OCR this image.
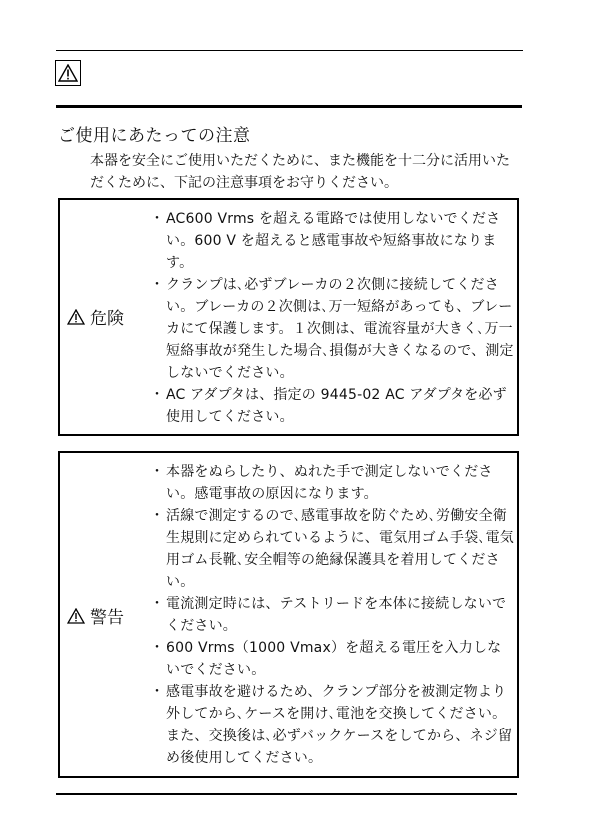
ご使用にあたっての注意

本器を安全にご使用いただくために、また機能を十二分に活用いただくために、下記の注意事項をお守りください。

危険
・ AC600 Vrms を超える電路では使用しないでください。600 V を超えると感電事故や短絡事故になります。
・ クランプは､必ずブレーカの２次側に接続してください。ブレーカの２次側は､万一短絡があっても、ブレーカにて保護します。１次側は、電流容量が大きく､万一短絡事故が発生した場合､損傷が大きくなるので、測定しないでください。
・ AC アダプタは、指定の 9445-02 AC アダプタを必ず使用してください。
警告
・ 本器をぬらしたり、ぬれた手で測定しないでください。感電事故の原因になります。
・ 活線で測定するので､感電事故を防ぐため､労働安全衛生規則に定められているように、電気用ゴム手袋､電気用ゴム長靴､安全帽等の絶縁保護具を着用してください。
・ 電流測定時には、テストリードを本体に接続しないでください。
・ 600 Vrms（1000 Vmax）を超える電圧を入力しないでください。
・ 感電事故を避けるため、クランプ部分を被測定物より外してから､ケースを開け､電池を交換してください。また、交換後は､必ずバックケースをしてから、ネジ留め後使用してください。
